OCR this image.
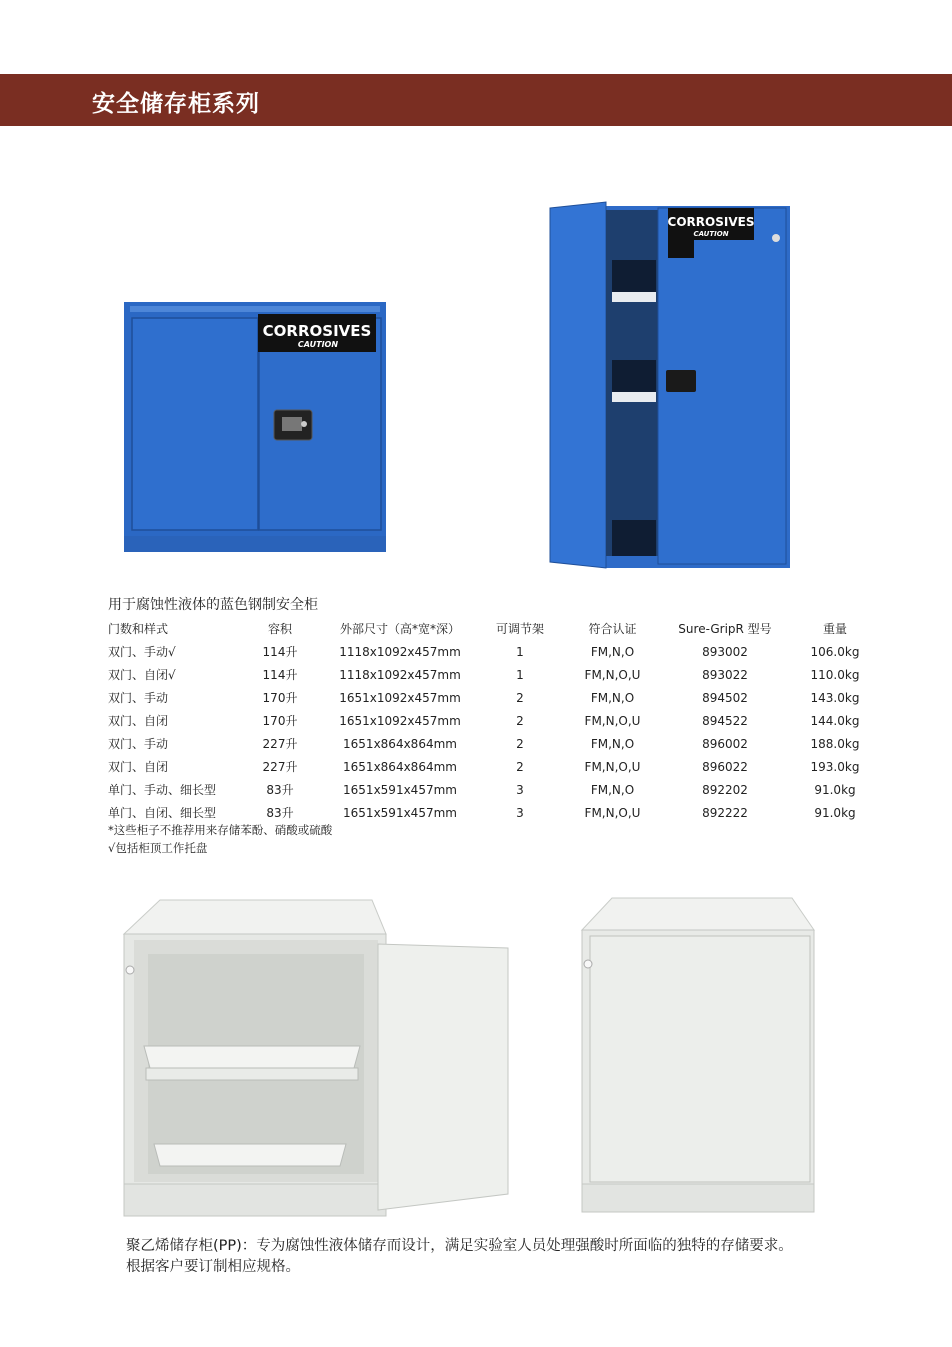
安全储存柜系列
CORROSIVES
CAUTION
CORROSIVES
CAUTION
用于腐蚀性液体的蓝色钢制安全柜
门数和样式	容积	外部尺寸（高*宽*深）	可调节架	符合认证	Sure-GripR 型号	重量
双门、手动√	114升	1118x1092x457mm	1	FM,N,O	893002	106.0kg
双门、自闭√	114升	1118x1092x457mm	1	FM,N,O,U	893022	110.0kg
双门、手动	170升	1651x1092x457mm	2	FM,N,O	894502	143.0kg
双门、自闭	170升	1651x1092x457mm	2	FM,N,O,U	894522	144.0kg
双门、手动	227升	1651x864x864mm	2	FM,N,O	896002	188.0kg
双门、自闭	227升	1651x864x864mm	2	FM,N,O,U	896022	193.0kg
单门、手动、细长型	83升	1651x591x457mm	3	FM,N,O	892202	91.0kg
单门、自闭、细长型	83升	1651x591x457mm	3	FM,N,O,U	892222	91.0kg
*这些柜子不推荐用来存储苯酚、硝酸或硫酸
√包括柜顶工作托盘
聚乙烯储存柜(PP)：专为腐蚀性液体储存而设计，满足实验室人员处理强酸时所面临的独特的存储要求。
根据客户要订制相应规格。
